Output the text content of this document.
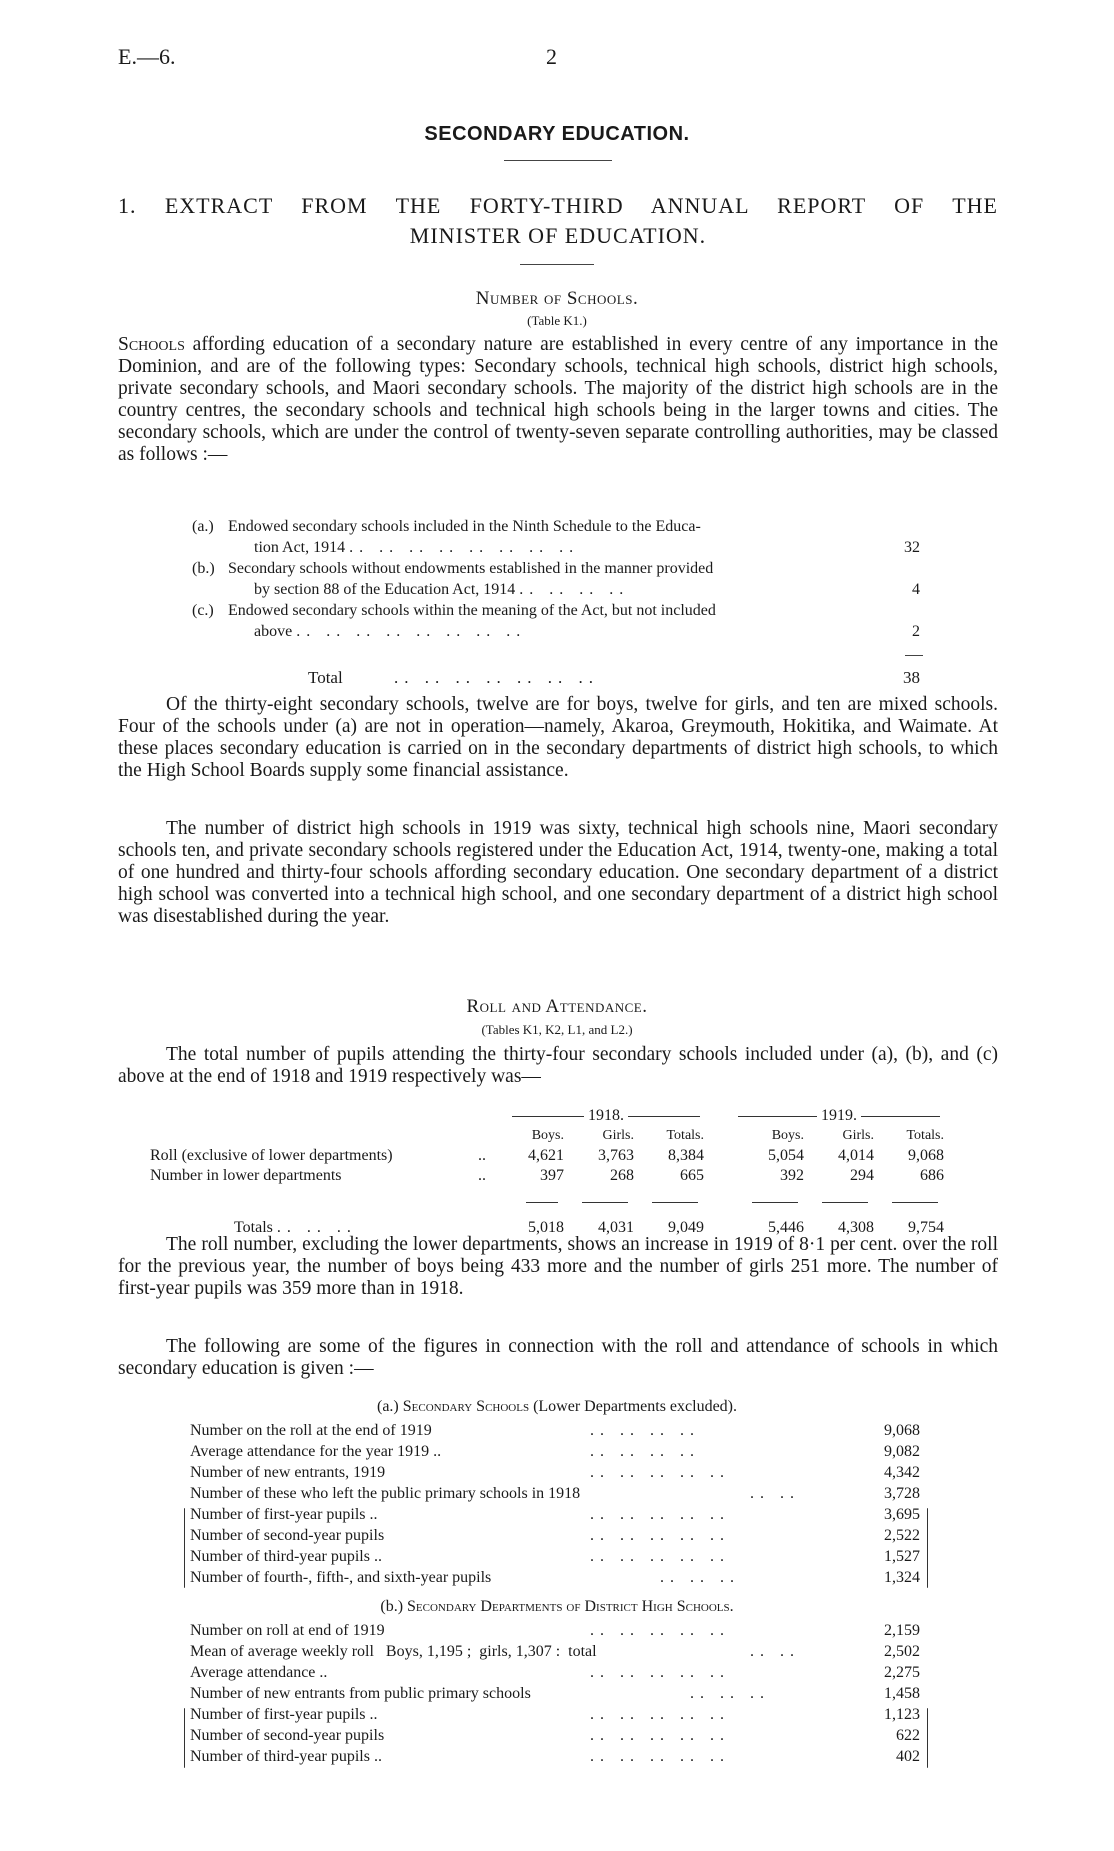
E.—6.	2
SECONDARY EDUCATION.
1. EXTRACT FROM THE FORTY-THIRD ANNUAL REPORT OF THE
MINISTER OF EDUCATION.
Number of Schools.
(Table K1.)
Schools affording education of a secondary nature are established in every centre of any importance in the Dominion, and are of the following types: Secondary schools, technical high schools, district high schools, private secondary schools, and Maori secondary schools. The majority of the district high schools are in the country centres, the secondary schools and technical high schools being in the larger towns and cities. The secondary schools, which are under the control of twenty-seven separate controlling authorities, may be classed as follows :—
(a.) Endowed secondary schools included in the Ninth Schedule to the Educa-
tion Act, 1914 .. .. .. .. .. .. .. ..	32
(b.) Secondary schools without endowments established in the manner provided
by section 88 of the Education Act, 1914 .. .. .. ..	4
(c.) Endowed secondary schools within the meaning of the Act, but not included
above .. .. .. .. .. .. .. ..	2
Total	.. .. .. .. .. .. ..	38
Of the thirty-eight secondary schools, twelve are for boys, twelve for girls, and ten are mixed schools. Four of the schools under (a) are not in operation—namely, Akaroa, Greymouth, Hokitika, and Waimate. At these places secondary education is carried on in the secondary departments of district high schools, to which the High School Boards supply some financial assistance.
The number of district high schools in 1919 was sixty, technical high schools nine, Maori secondary schools ten, and private secondary schools registered under the Education Act, 1914, twenty-one, making a total of one hundred and thirty-four schools affording secondary education. One secondary department of a district high school was converted into a technical high school, and one secondary department of a district high school was disestablished during the year.
Roll and Attendance.
(Tables K1, K2, L1, and L2.)
The total number of pupils attending the thirty-four secondary schools included under (a), (b), and (c) above at the end of 1918 and 1919 respectively was—

1918.				1919.		
		Boys.	Girls.	Totals.		Boys.	Girls.	Totals.
Roll (exclusive of lower departments)	..	4,621	3,763	8,384		5,054	4,014	9,068
Number in lower departments	..	397	268	665		392	294	686

Totals .. .. ..		5,018	4,031	9,049		5,446	4,308	9,754
The roll number, excluding the lower departments, shows an increase in 1919 of 8·1 per cent. over the roll for the previous year, the number of boys being 433 more and the number of girls 251 more. The number of first-year pupils was 359 more than in 1918.
The following are some of the figures in connection with the roll and attendance of schools in which secondary education is given :—
(a.) Secondary Schools (Lower Departments excluded).
Number on the roll at the end of 1919	.. .. .. ..	9,068
Average attendance for the year 1919 ..	.. .. .. ..	9,082
Number of new entrants, 1919	.. .. .. .. ..	4,342
Number of these who left the public primary schools in 1918	.. ..	3,728
Number of first-year pupils ..	.. .. .. .. ..	3,695
Number of second-year pupils	.. .. .. .. ..	2,522
Number of third-year pupils ..	.. .. .. .. ..	1,527
Number of fourth-, fifth-, and sixth-year pupils	.. .. ..	1,324
(b.) Secondary Departments of District High Schools.
Number on roll at end of 1919	.. .. .. .. ..	2,159
Mean of average weekly roll   Boys, 1,195 ;  girls, 1,307 :  total	.. ..	2,502
Average attendance ..	.. .. .. .. ..	2,275
Number of new entrants from public primary schools	.. .. ..	1,458
Number of first-year pupils ..	.. .. .. .. ..	1,123
Number of second-year pupils	.. .. .. .. ..	622
Number of third-year pupils ..	.. .. .. .. ..	402
